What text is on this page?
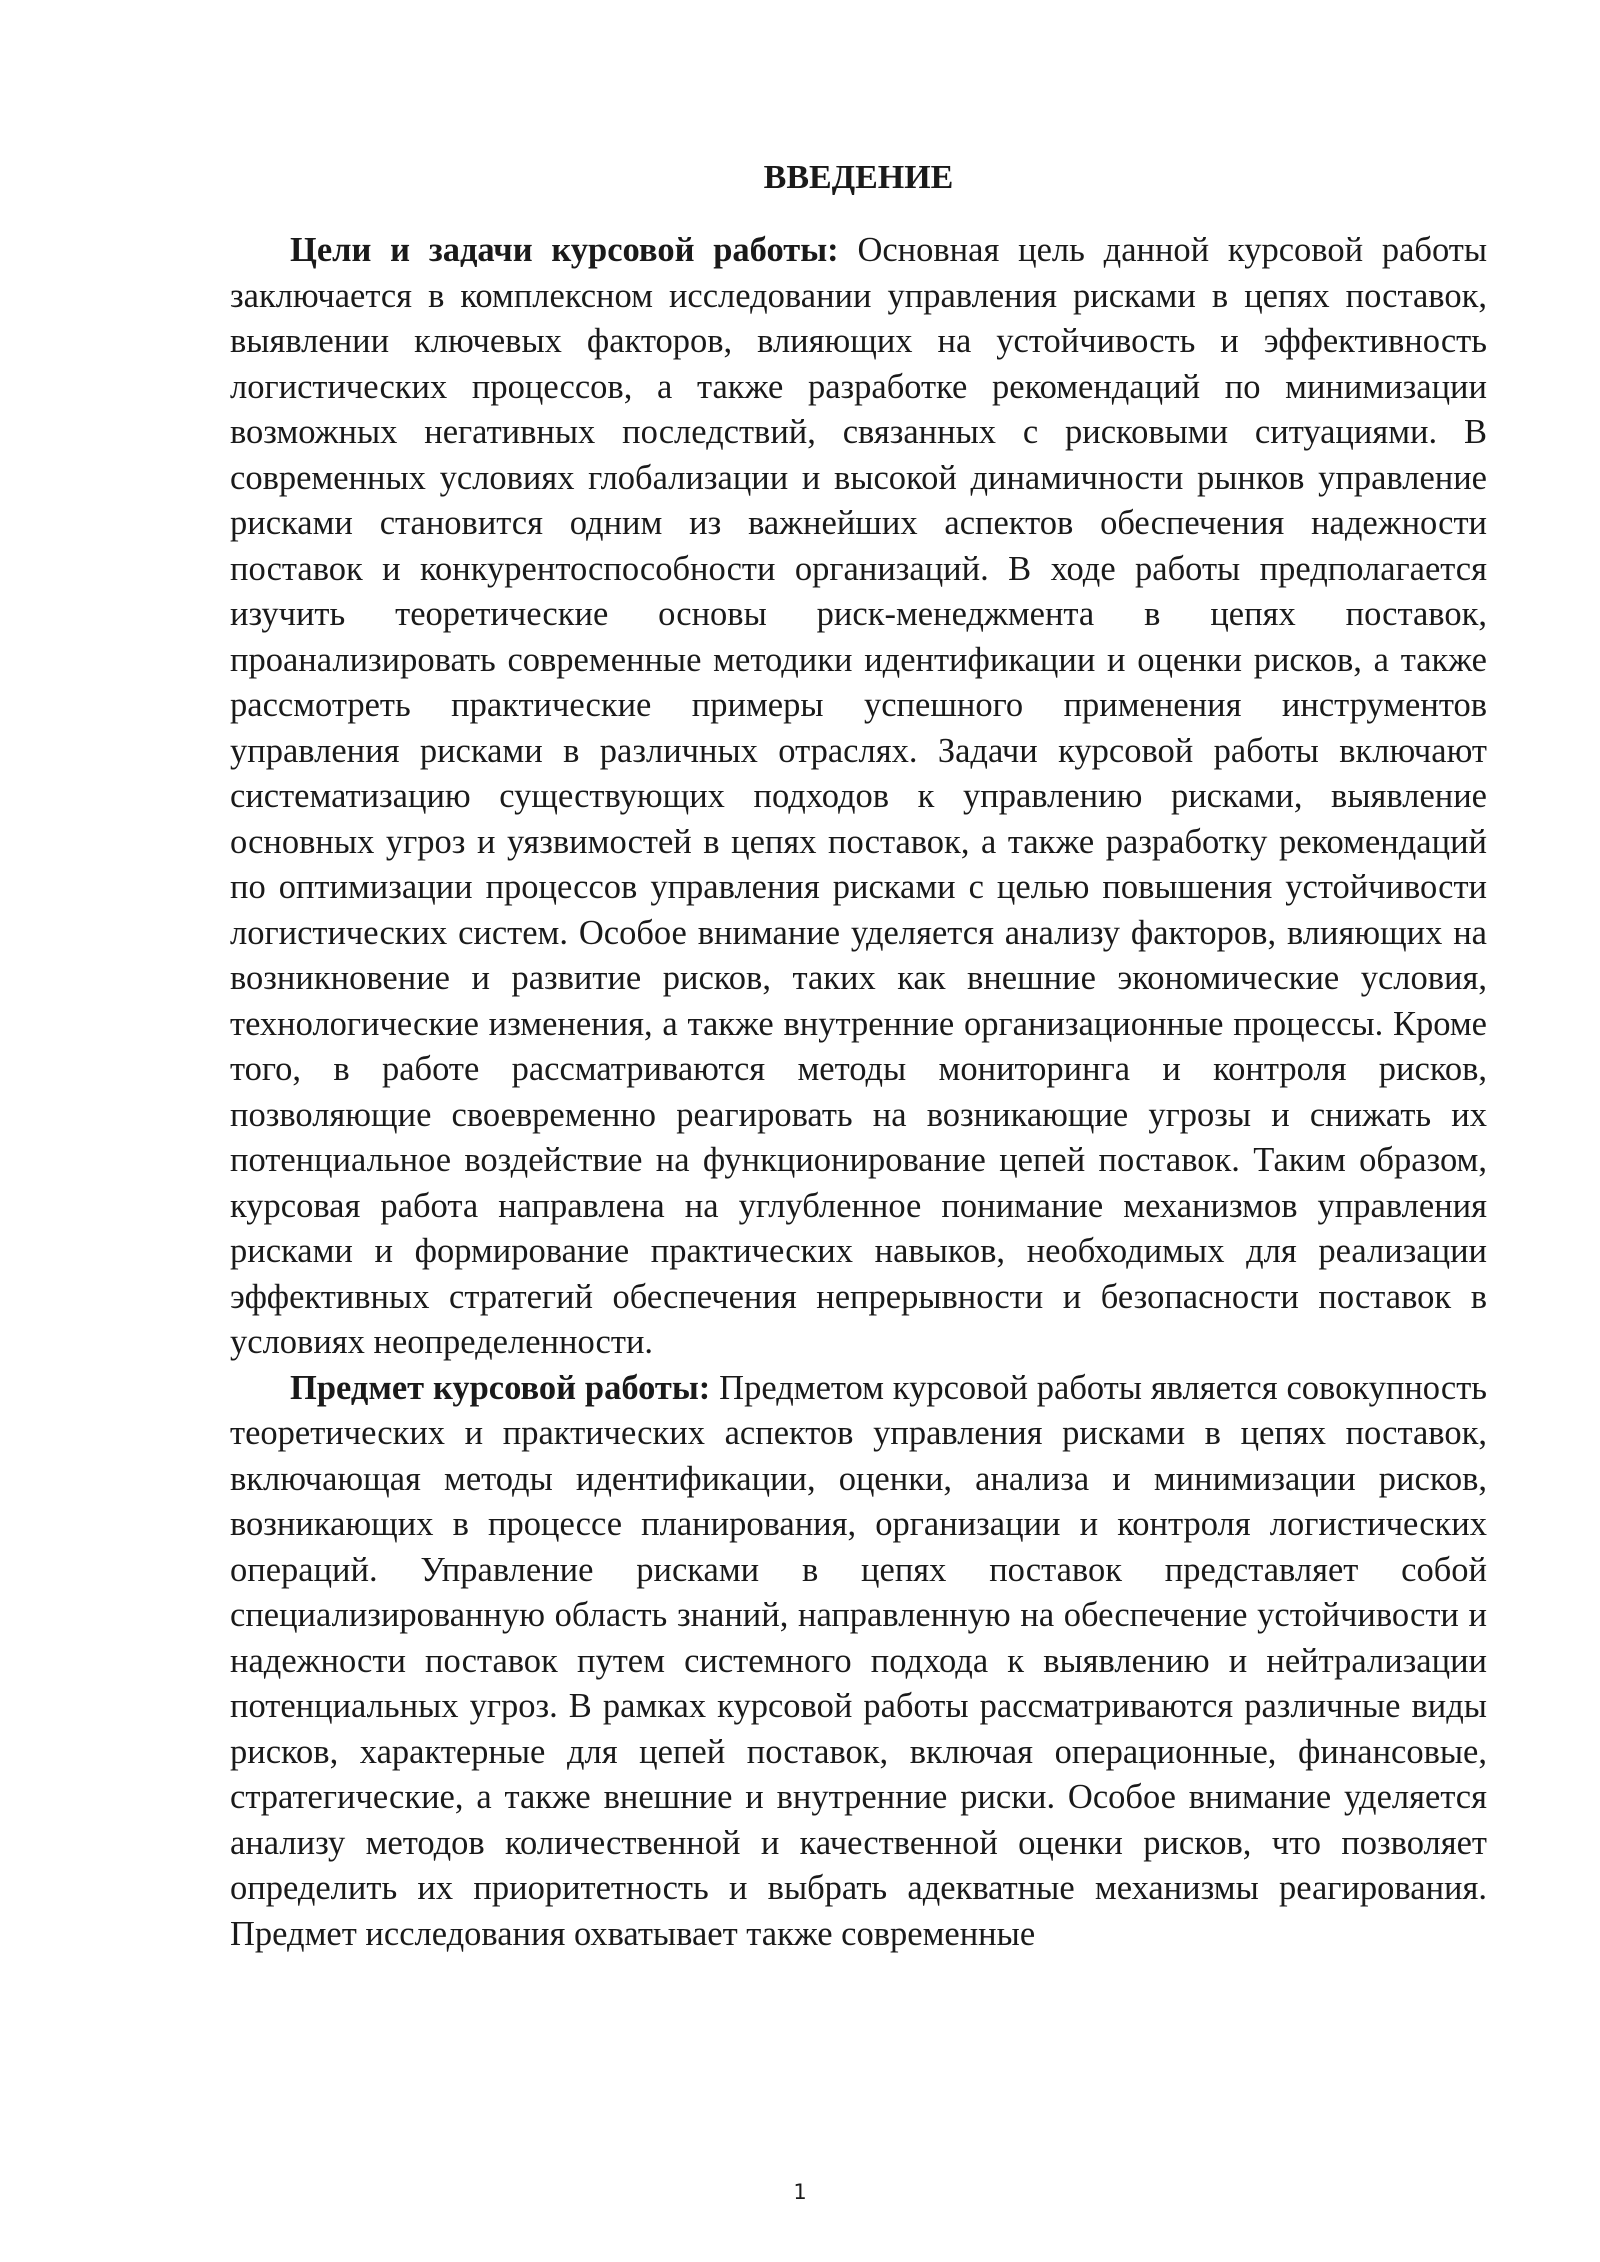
ВВЕДЕНИЕ

Цели и задачи курсовой работы: Основная цель данной курсовой работы заключается в комплексном исследовании управления рисками в цепях поставок, выявлении ключевых факторов, влияющих на устойчивость и эффективность логистических процессов, а также разработке рекомендаций по минимизации возможных негативных последствий, связанных с рисковыми ситуациями. В современных условиях глобализации и высокой динамичности рынков управление рисками становится одним из важнейших аспектов обеспечения надежности поставок и конкурентоспособности организаций. В ходе работы предполагается изучить теоретические основы риск-менеджмента в цепях поставок, проанализировать современные методики идентификации и оценки рисков, а также рассмотреть практические примеры успешного применения инструментов управления рисками в различных отраслях. Задачи курсовой работы включают систематизацию существующих подходов к управлению рисками, выявление основных угроз и уязвимостей в цепях поставок, а также разработку рекомендаций по оптимизации процессов управления рисками с целью повышения устойчивости логистических систем. Особое внимание уделяется анализу факторов, влияющих на возникновение и развитие рисков, таких как внешние экономические условия, технологические изменения, а также внутренние организационные процессы. Кроме того, в работе рассматриваются методы мониторинга и контроля рисков, позволяющие своевременно реагировать на возникающие угрозы и снижать их потенциальное воздействие на функционирование цепей поставок. Таким образом, курсовая работа направлена на углубленное понимание механизмов управления рисками и формирование практических навыков, необходимых для реализации эффективных стратегий обеспечения непрерывности и безопасности поставок в условиях неопределенности.

Предмет курсовой работы: Предметом курсовой работы является совокупность теоретических и практических аспектов управления рисками в цепях поставок, включающая методы идентификации, оценки, анализа и минимизации рисков, возникающих в процессе планирования, организации и контроля логистических операций. Управление рисками в цепях поставок представляет собой специализированную область знаний, направленную на обеспечение устойчивости и надежности поставок путем системного подхода к выявлению и нейтрализации потенциальных угроз. В рамках курсовой работы рассматриваются различные виды рисков, характерные для цепей поставок, включая операционные, финансовые, стратегические, а также внешние и внутренние риски. Особое внимание уделяется анализу методов количественной и качественной оценки рисков, что позволяет определить их приоритетность и выбрать адекватные механизмы реагирования. Предмет исследования охватывает также современные

1
